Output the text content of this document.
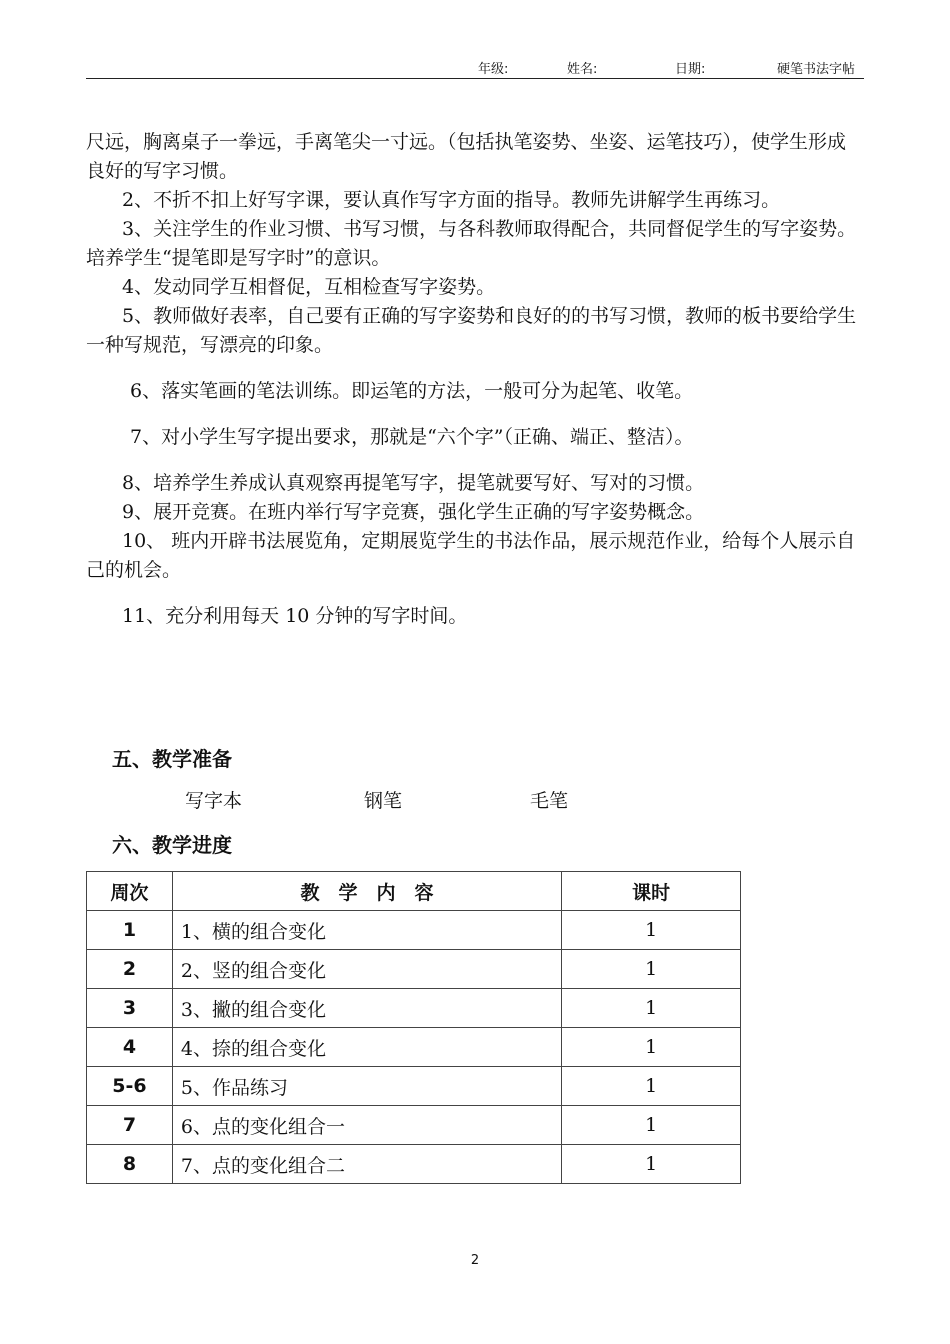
年级:	姓名:	日期:	硬笔书法字帖

尺远，胸离桌子一拳远，手离笔尖一寸远。（包括执笔姿势、坐姿、运笔技巧），使学生形成良好的写字习惯。

2、不折不扣上好写字课，要认真作写字方面的指导。教师先讲解学生再练习。

3、关注学生的作业习惯、书写习惯，与各科教师取得配合，共同督促学生的写字姿势。培养学生“提笔即是写字时”的意识。

4、发动同学互相督促，互相检查写字姿势。

5、教师做好表率，自己要有正确的写字姿势和良好的的书写习惯，教师的板书要给学生一种写规范，写漂亮的印象。

6、落实笔画的笔法训练。即运笔的方法，一般可分为起笔、收笔。

7、对小学生写字提出要求，那就是“六个字”（正确、端正、整洁）。

8、培养学生养成认真观察再提笔写字，提笔就要写好、写对的习惯。

9、展开竞赛。在班内举行写字竞赛，强化学生正确的写字姿势概念。

10、 班内开辟书法展览角，定期展览学生的书法作品，展示规范作业，给每个人展示自己的机会。

11、充分利用每天 10 分钟的写字时间。

五、教学准备
写字本	钢笔	毛笔
六、教学进度
周次	教　学　内　容	课时
1	1、横的组合变化	1
2	2、竖的组合变化	1
3	3、撇的组合变化	1
4	4、捺的组合变化	1
5-6	5、作品练习	1
7	6、点的变化组合一	1
8	7、点的变化组合二	1
2
